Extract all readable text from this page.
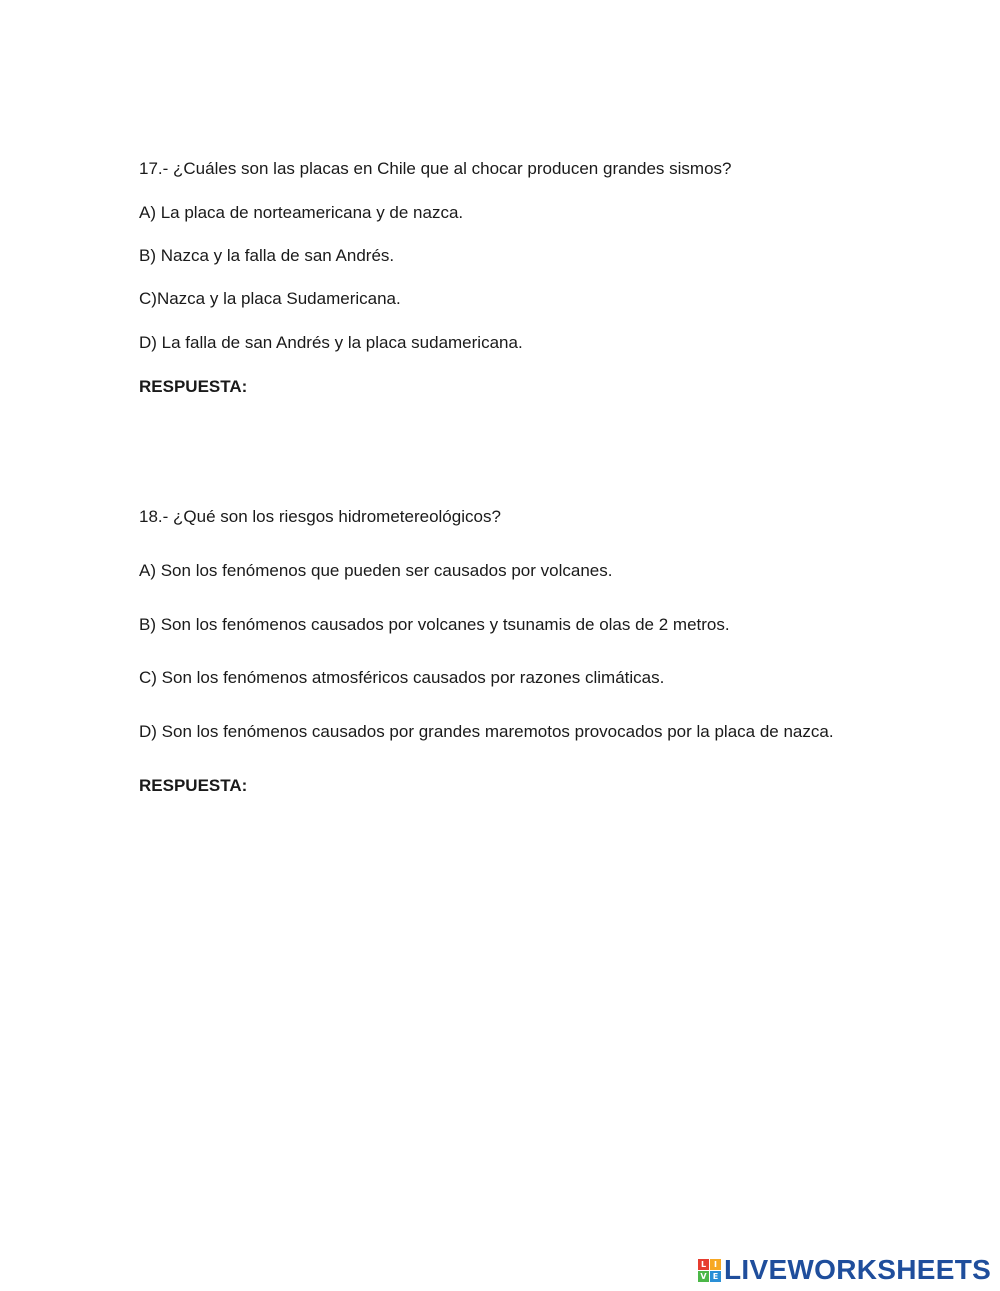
17.- ¿Cuáles son las placas en Chile que al chocar producen grandes sismos?
A) La placa de norteamericana y de nazca.
B) Nazca y la falla de san Andrés.
C)Nazca y la placa Sudamericana.
D) La falla de san Andrés y la placa sudamericana.
RESPUESTA:
18.- ¿Qué son los riesgos hidrometereológicos?
A) Son los fenómenos que pueden ser causados por volcanes.
B) Son los fenómenos causados por volcanes y tsunamis de olas de 2 metros.
C) Son los fenómenos atmosféricos causados por razones climáticas.
D) Son los fenómenos causados por grandes maremotos provocados por la placa de nazca.
RESPUESTA:
L I
V E LIVEWORKSHEETS
